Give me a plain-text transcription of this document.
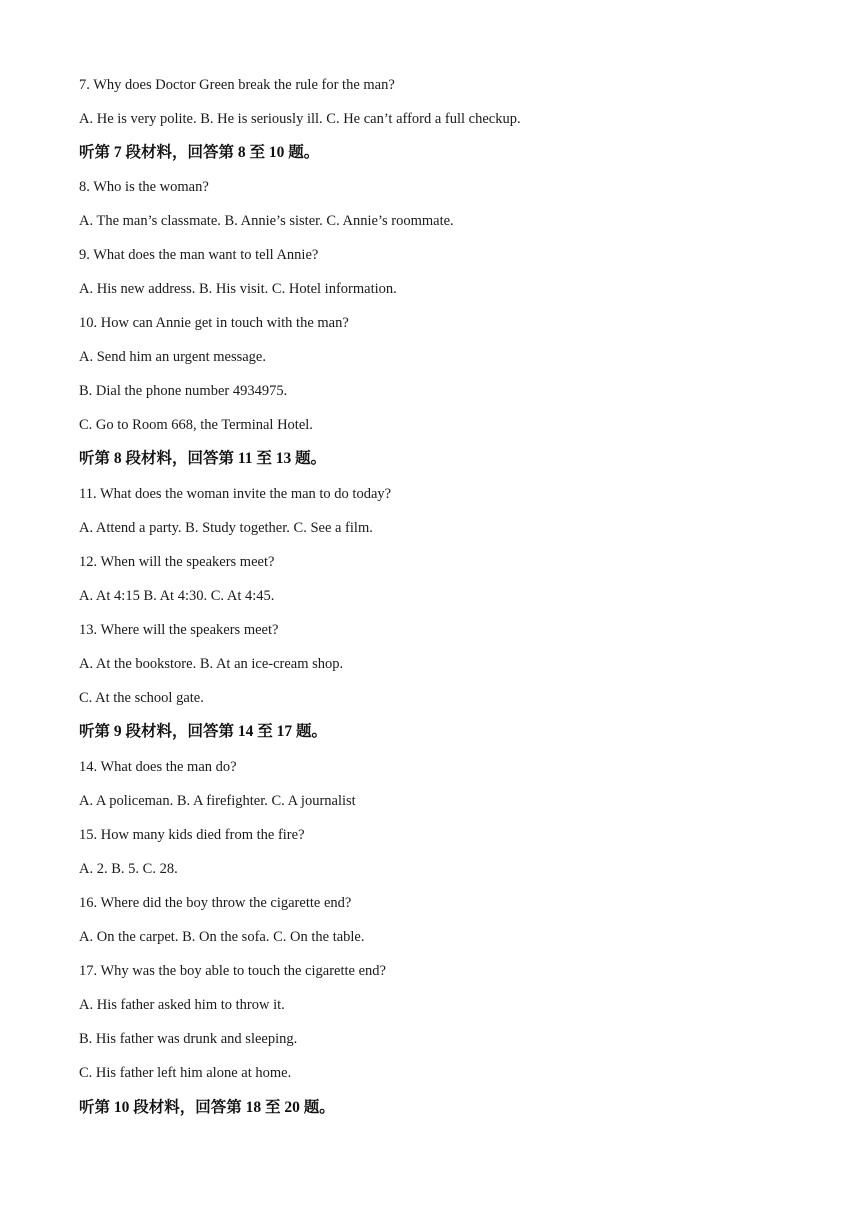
7. Why does Doctor Green break the rule for the man?
A. He is very polite. B. He is seriously ill. C. He can’t afford a full checkup.
听第 7 段材料，回答第 8 至 10 题。
8. Who is the woman?
A. The man’s classmate. B. Annie’s sister. C. Annie’s roommate.
9. What does the man want to tell Annie?
A. His new address. B. His visit. C. Hotel information.
10. How can Annie get in touch with the man?
A. Send him an urgent message.
B. Dial the phone number 4934975.
C. Go to Room 668, the Terminal Hotel.
听第 8 段材料，回答第 11 至 13 题。
11. What does the woman invite the man to do today?
A. Attend a party. B. Study together. C. See a film.
12. When will the speakers meet?
A. At 4:15 B. At 4:30. C. At 4:45.
13. Where will the speakers meet?
A. At the bookstore. B. At an ice-cream shop.
C. At the school gate.
听第 9 段材料，回答第 14 至 17 题。
14. What does the man do?
A. A policeman. B. A firefighter. C. A journalist
15. How many kids died from the fire?
A. 2. B. 5. C. 28.
16. Where did the boy throw the cigarette end?
A. On the carpet. B. On the sofa. C. On the table.
17. Why was the boy able to touch the cigarette end?
A. His father asked him to throw it.
B. His father was drunk and sleeping.
C. His father left him alone at home.
听第 10 段材料，回答第 18 至 20 题。
